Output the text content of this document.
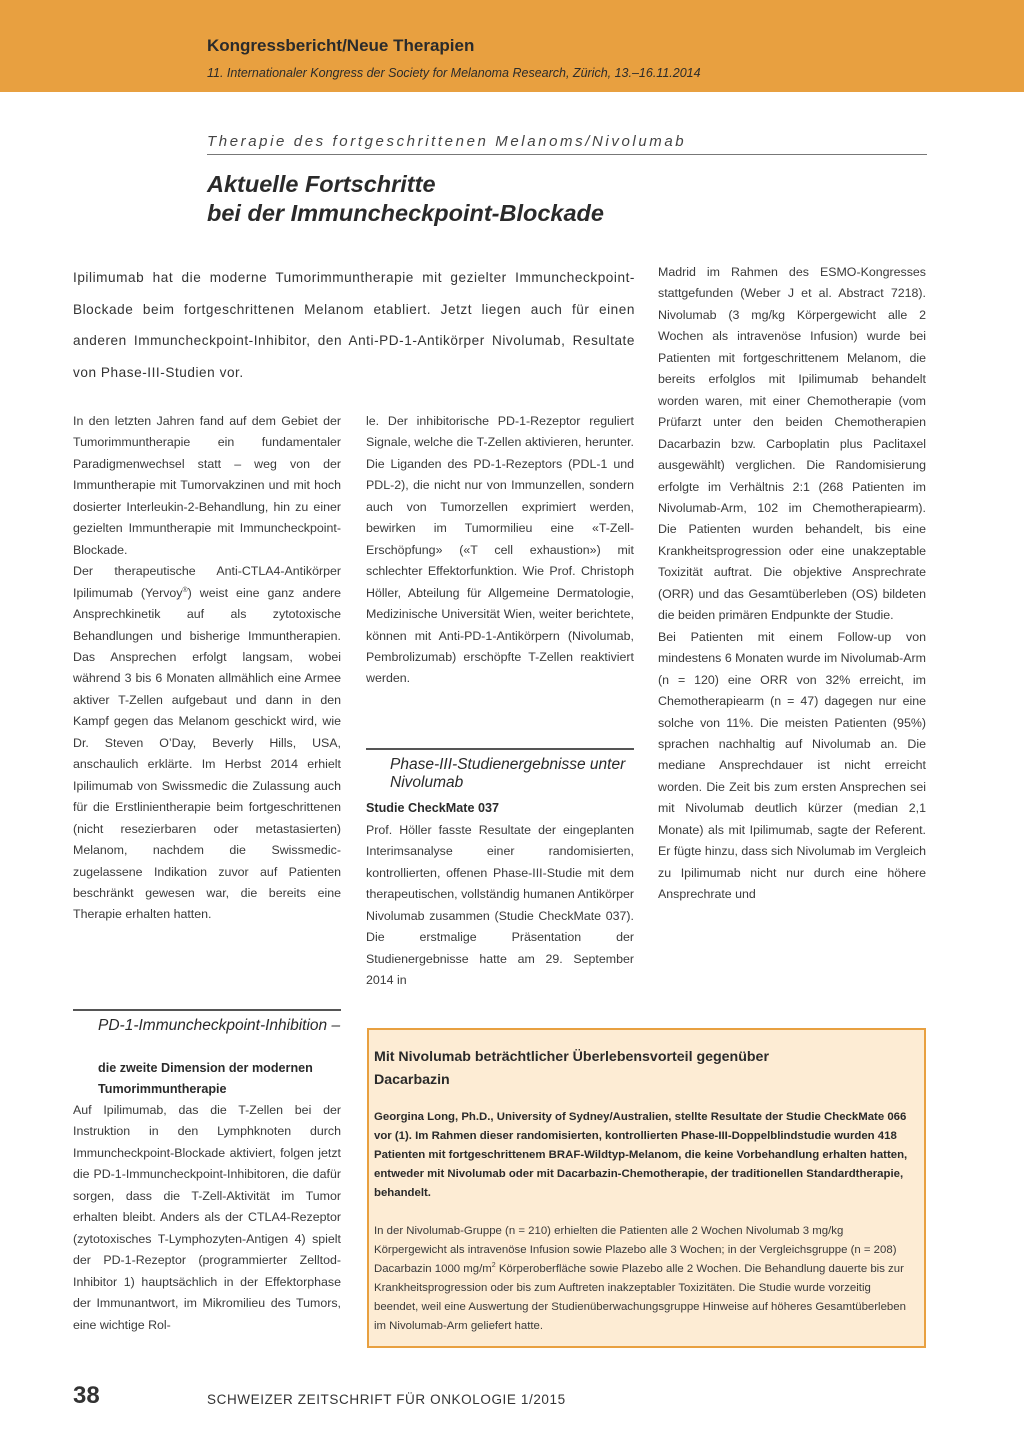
Kongressbericht/Neue Therapien
11. Internationaler Kongress der Society for Melanoma Research, Zürich, 13.–16.11.2014
Therapie des fortgeschrittenen Melanoms/Nivolumab
Aktuelle Fortschritte
bei der Immuncheckpoint-Blockade
Ipilimumab hat die moderne Tumorimmuntherapie mit gezielter Immuncheckpoint-Blockade beim fortgeschrittenen Melanom etabliert. Jetzt liegen auch für einen anderen Immuncheckpoint-Inhibitor, den Anti-PD-1-Antikörper Nivolumab, Resultate von Phase-III-Studien vor.

In den letzten Jahren fand auf dem Gebiet der Tumorimmuntherapie ein fundamentaler Paradigmenwechsel statt – weg von der Immuntherapie mit Tumorvakzinen und mit hoch dosierter Interleukin-2-Behandlung, hin zu einer gezielten Immuntherapie mit Immuncheckpoint-Blockade.

Der therapeutische Anti-CTLA4-Antikörper Ipilimumab (Yervoy®) weist eine ganz andere Ansprechkinetik auf als zytotoxische Behandlungen und bisherige Immuntherapien. Das Ansprechen erfolgt langsam, wobei während 3 bis 6 Monaten allmählich eine Armee aktiver T-Zellen aufgebaut und dann in den Kampf gegen das Melanom geschickt wird, wie Dr. Steven O’Day, Beverly Hills, USA, anschaulich erklärte. Im Herbst 2014 erhielt Ipilimumab von Swissmedic die Zulassung auch für die Erstlinientherapie beim fortgeschrittenen (nicht resezierbaren oder metastasierten) Melanom, nachdem die Swissmedic-zugelassene Indikation zuvor auf Patienten beschränkt gewesen war, die bereits eine Therapie erhalten hatten.

PD-1-Immuncheckpoint-Inhibition –
die zweite Dimension der modernen Tumorimmuntherapie

Auf Ipilimumab, das die T-Zellen bei der Instruktion in den Lymphknoten durch Immuncheckpoint-Blockade aktiviert, folgen jetzt die PD-1-Immuncheckpoint-Inhibitoren, die dafür sorgen, dass die T-Zell-Aktivität im Tumor erhalten bleibt. Anders als der CTLA4-Rezeptor (zytotoxisches T-Lymphozyten-Antigen 4) spielt der PD-1-Rezeptor (programmierter Zelltod-Inhibitor 1) hauptsächlich in der Effektorphase der Immunantwort, im Mikromilieu des Tumors, eine wichtige Rol-

le. Der inhibitorische PD-1-Rezeptor reguliert Signale, welche die T-Zellen aktivieren, herunter. Die Liganden des PD-1-Rezeptors (PDL-1 und PDL-2), die nicht nur von Immunzellen, sondern auch von Tumorzellen exprimiert werden, bewirken im Tumormilieu eine «T-Zell-Erschöpfung» («T cell exhaustion») mit schlechter Effektorfunktion. Wie Prof. Christoph Höller, Abteilung für Allgemeine Dermatologie, Medizinische Universität Wien, weiter berichtete, können mit Anti-PD-1-Antikörpern (Nivolumab, Pembrolizumab) erschöpfte T-Zellen reaktiviert werden.

Phase-III-Studienergebnisse unter Nivolumab
Studie CheckMate 037

Prof. Höller fasste Resultate der eingeplanten Interimsanalyse einer randomisierten, kontrollierten, offenen Phase-III-Studie mit dem therapeutischen, vollständig humanen Antikörper Nivolumab zusammen (Studie CheckMate 037). Die erstmalige Präsentation der Studienergebnisse hatte am 29. September 2014 in

Madrid im Rahmen des ESMO-Kongresses stattgefunden (Weber J et al. Abstract 7218). Nivolumab (3 mg/kg Körpergewicht alle 2 Wochen als intravenöse Infusion) wurde bei Patienten mit fortgeschrittenem Melanom, die bereits erfolglos mit Ipilimumab behandelt worden waren, mit einer Chemotherapie (vom Prüfarzt unter den beiden Chemotherapien Dacarbazin bzw. Carboplatin plus Paclitaxel ausgewählt) verglichen. Die Randomisierung erfolgte im Verhältnis 2:1 (268 Patienten im Nivolumab-Arm, 102 im Chemotherapiearm). Die Patienten wurden behandelt, bis eine Krankheitsprogression oder eine unakzeptable Toxizität auftrat. Die objektive Ansprechrate (ORR) und das Gesamtüberleben (OS) bildeten die beiden primären Endpunkte der Studie.

Bei Patienten mit einem Follow-up von mindestens 6 Monaten wurde im Nivolumab-Arm (n = 120) eine ORR von 32% erreicht, im Chemotherapiearm (n = 47) dagegen nur eine solche von 11%. Die meisten Patienten (95%) sprachen nachhaltig auf Nivolumab an. Die mediane Ansprechdauer ist nicht erreicht worden. Die Zeit bis zum ersten Ansprechen sei mit Nivolumab deutlich kürzer (median 2,1 Monate) als mit Ipilimumab, sagte der Referent. Er fügte hinzu, dass sich Nivolumab im Vergleich zu Ipilimumab nicht nur durch eine höhere Ansprechrate und

Mit Nivolumab beträchtlicher Überlebensvorteil gegenüber Dacarbazin
Georgina Long, Ph.D., University of Sydney/Australien, stellte Resultate der Studie CheckMate 066 vor (1). Im Rahmen dieser randomisierten, kontrollierten Phase-III-Doppelblindstudie wurden 418 Patienten mit fortgeschrittenem BRAF-Wildtyp-Melanom, die keine Vorbehandlung erhalten hatten, entweder mit Nivolumab oder mit Dacarbazin-Chemotherapie, der traditionellen Standardtherapie, behandelt.
In der Nivolumab-Gruppe (n = 210) erhielten die Patienten alle 2 Wochen Nivolumab 3 mg/kg Körpergewicht als intravenöse Infusion sowie Plazebo alle 3 Wochen; in der Vergleichsgruppe (n = 208) Dacarbazin 1000 $mg/m^2$ Körperoberfläche sowie Plazebo alle 2 Wochen. Die Behandlung dauerte bis zur Krankheitsprogression oder bis zum Auftreten inakzeptabler Toxizitäten. Die Studie wurde vorzeitig beendet, weil eine Auswertung der Studienüberwachungsgruppe Hinweise auf höheres Gesamtüberleben im Nivolumab-Arm geliefert hatte.
38	SCHWEIZER ZEITSCHRIFT FÜR ONKOLOGIE 1/2015
